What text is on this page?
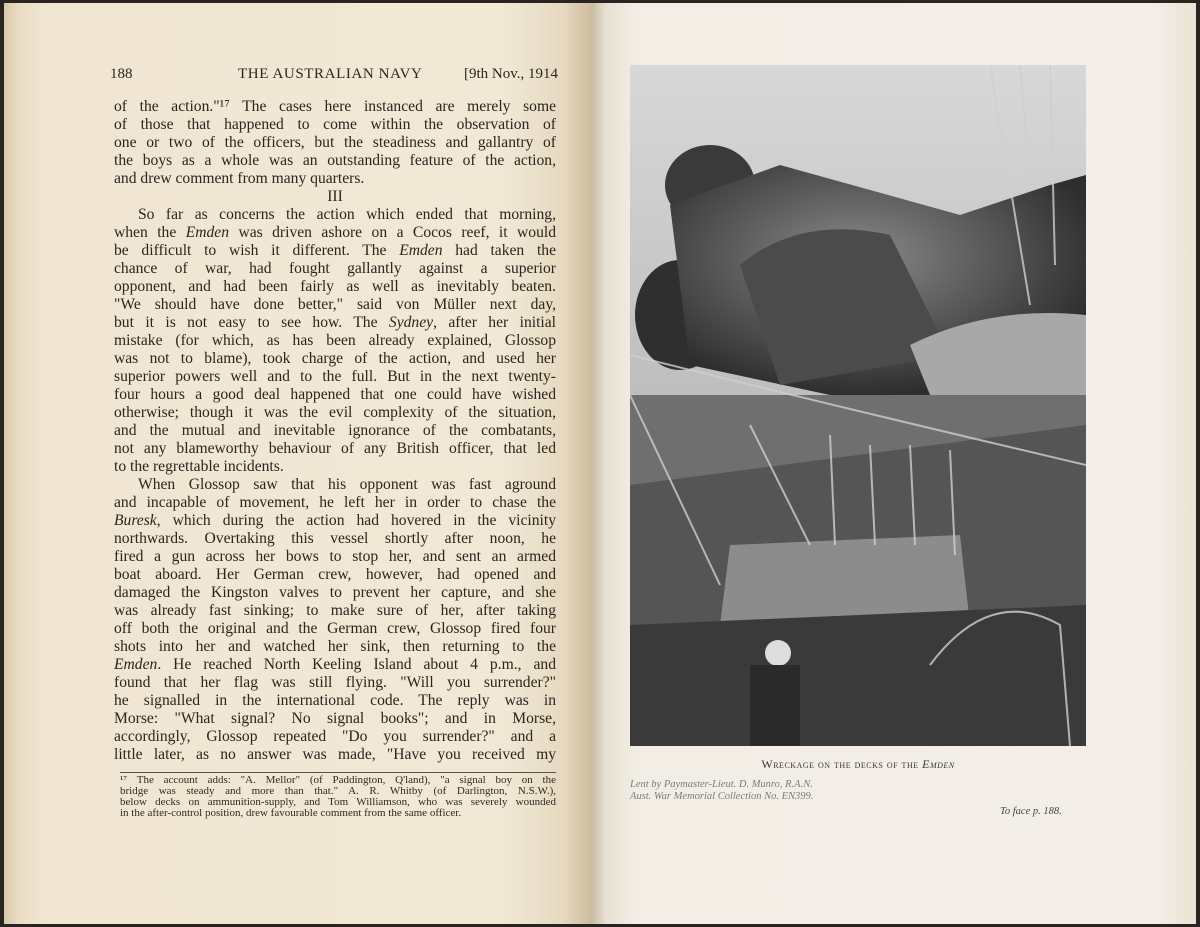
188	THE AUSTRALIAN NAVY	[9th Nov., 1914
of the action."¹⁷ The cases here instanced are merely some
of those that happened to come within the observation of
one or two of the officers, but the steadiness and gallantry of
the boys as a whole was an outstanding feature of the action,
and drew comment from many quarters.
III
So far as concerns the action which ended that morning,
when the Emden was driven ashore on a Cocos reef, it would
be difficult to wish it different. The Emden had taken the
chance of war, had fought gallantly against a superior
opponent, and had been fairly as well as inevitably beaten.
"We should have done better," said von Müller next day,
but it is not easy to see how. The Sydney, after her initial
mistake (for which, as has been already explained, Glossop
was not to blame), took charge of the action, and used her
superior powers well and to the full. But in the next twenty-
four hours a good deal happened that one could have wished
otherwise; though it was the evil complexity of the situation,
and the mutual and inevitable ignorance of the combatants,
not any blameworthy behaviour of any British officer, that led
to the regrettable incidents.
When Glossop saw that his opponent was fast aground
and incapable of movement, he left her in order to chase the
Buresk, which during the action had hovered in the vicinity
northwards. Overtaking this vessel shortly after noon, he
fired a gun across her bows to stop her, and sent an armed
boat aboard. Her German crew, however, had opened and
damaged the Kingston valves to prevent her capture, and she
was already fast sinking; to make sure of her, after taking
off both the original and the German crew, Glossop fired four
shots into her and watched her sink, then returning to the
Emden. He reached North Keeling Island about 4 p.m., and
found that her flag was still flying. "Will you surrender?"
he signalled in the international code. The reply was in
Morse: "What signal? No signal books"; and in Morse,
accordingly, Glossop repeated "Do you surrender?" and a
little later, as no answer was made, "Have you received my
¹⁷ The account adds: "A. Mellor" (of Paddington, Q'land), "a signal boy on the
bridge was steady and more than that." A. R. Whitby (of Darlington, N.S.W.),
below decks on ammunition-supply, and Tom Williamson, who was severely wounded
in the after-control position, drew favourable comment from the same officer.
Wreckage on the decks of the Emden
Lent by Paymaster-Lieut. D. Munro, R.A.N.
Aust. War Memorial Collection No. EN399.
To face p. 188.
